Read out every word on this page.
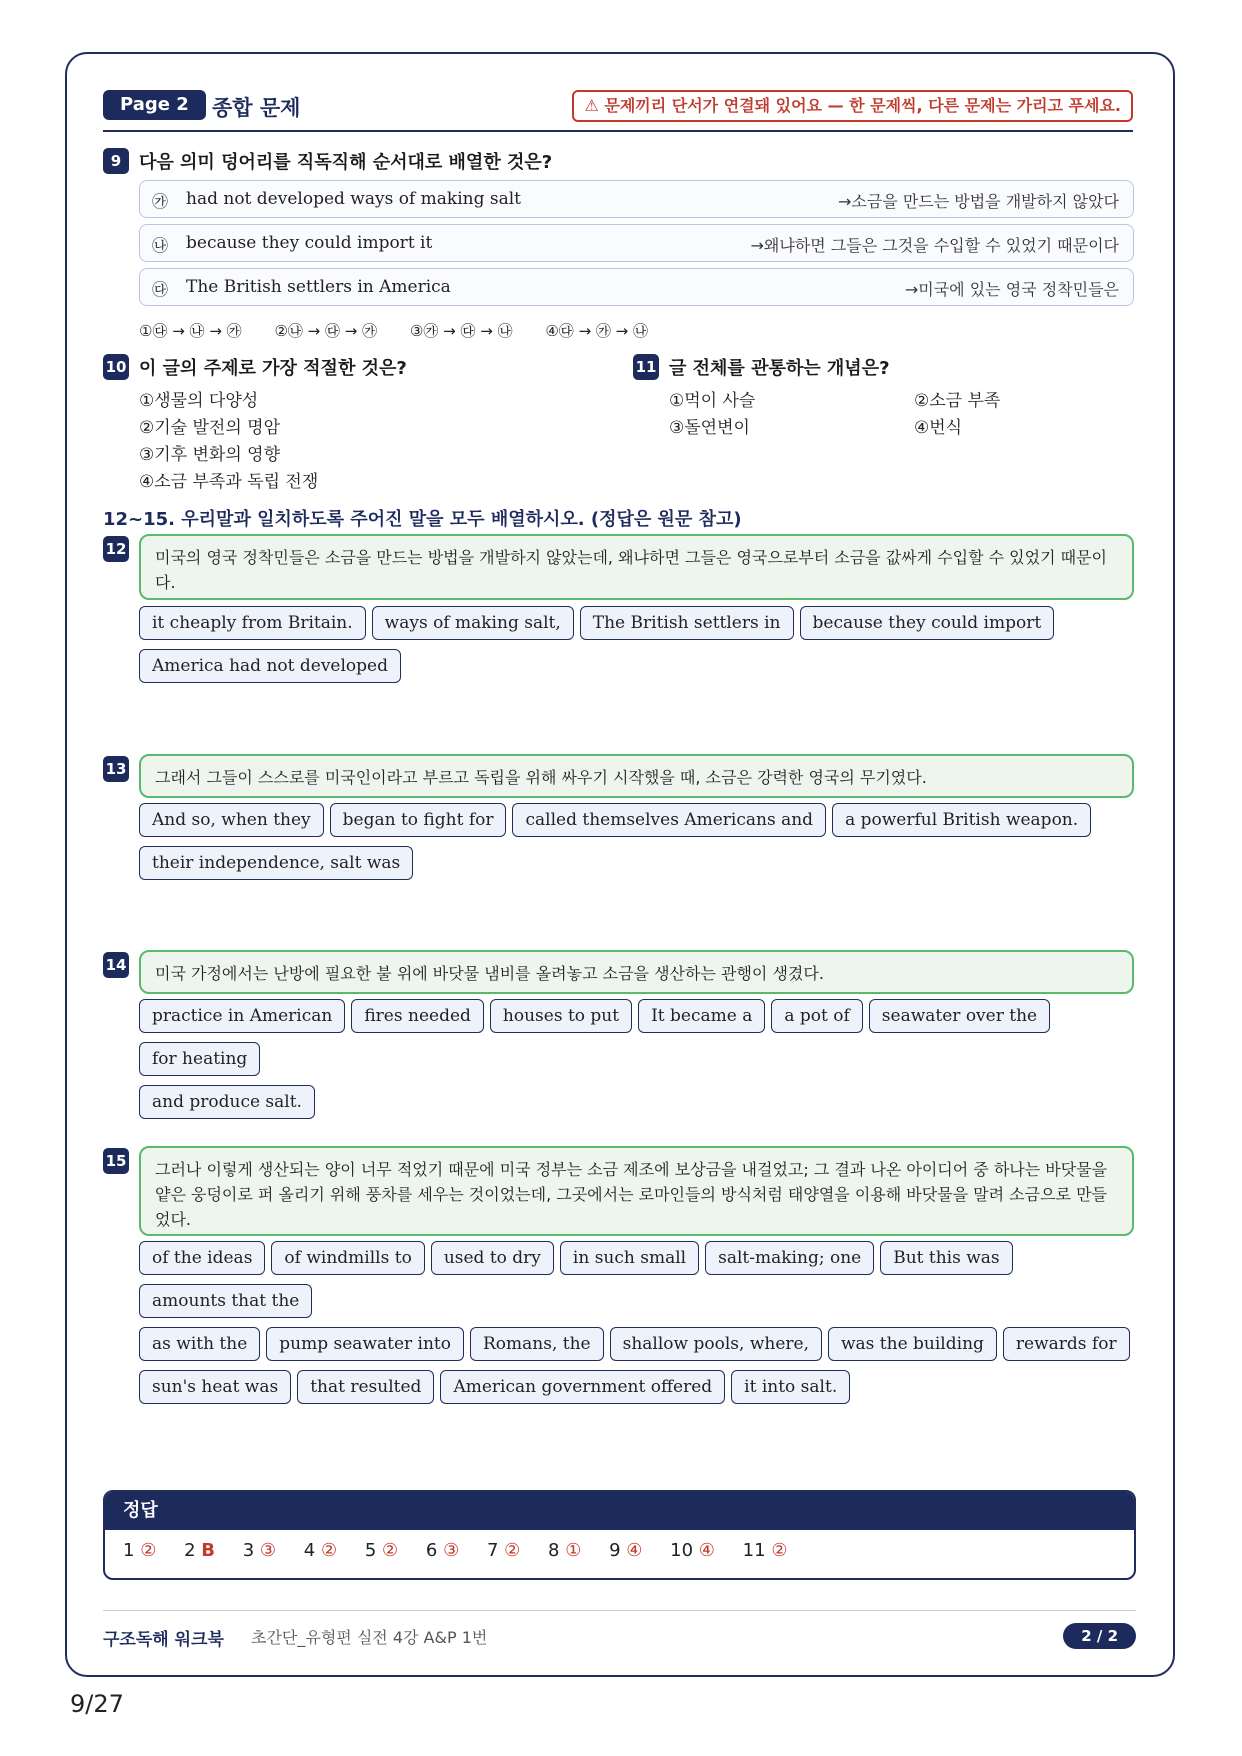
Page 2	종합 문제	⚠ 문제끼리 단서가 연결돼 있어요 — 한 문제씩, 다른 문제는 가리고 푸세요.
9 다음 의미 덩어리를 직독직해 순서대로 배열한 것은?
㉮ had not developed ways of making salt	→소금을 만드는 방법을 개발하지 않았다
㉯ because they could import it	→왜냐하면 그들은 그것을 수입할 수 있었기 때문이다
㉰ The British settlers in America	→미국에 있는 영국 정착민들은
①㉰ → ㉯ → ㉮ ②㉯ → ㉰ → ㉮ ③㉮ → ㉰ → ㉯ ④㉰ → ㉮ → ㉯
10 이 글의 주제로 가장 적절한 것은?
①생물의 다양성
②기술 발전의 명암
③기후 변화의 영향
④소금 부족과 독립 전쟁
11 글 전체를 관통하는 개념은?
①먹이 사슬	②소금 부족
③돌연변이	④번식
12~15. 우리말과 일치하도록 주어진 말을 모두 배열하시오. (정답은 원문 참고)
12	미국의 영국 정착민들은 소금을 만드는 방법을 개발하지 않았는데, 왜냐하면 그들은 영국으로부터 소금을 값싸게 수입할 수 있었기 때문이다.
it cheaply from Britain. ways of making salt, The British settlers in because they could import
America had not developed
13	그래서 그들이 스스로를 미국인이라고 부르고 독립을 위해 싸우기 시작했을 때, 소금은 강력한 영국의 무기였다.
And so, when they began to fight for called themselves Americans and a powerful British weapon.
their independence, salt was
14	미국 가정에서는 난방에 필요한 불 위에 바닷물 냄비를 올려놓고 소금을 생산하는 관행이 생겼다.
practice in American fires needed houses to put It became a a pot of seawater over thefor heating
and produce salt.
15	그러나 이렇게 생산되는 양이 너무 적었기 때문에 미국 정부는 소금 제조에 보상금을 내걸었고; 그 결과 나온 아이디어 중 하나는 바닷물을 얕은 웅덩이로 퍼 올리기 위해 풍차를 세우는 것이었는데, 그곳에서는 로마인들의 방식처럼 태양열을 이용해 바닷물을 말려 소금으로 만들었다.
of the ideas of windmills to used to dry in such small salt-making; one But this wasamounts that the
as with the pump seawater into Romans, the shallow pools, where, was the building rewards for
sun's heat was that resulted American government offered it into salt.
정답
1 ② 2 B 3 ③ 4 ② 5 ② 6 ③ 7 ② 8 ① 9 ④ 10 ④ 11 ②
구조독해 워크북 초간단_유형편 실전 4강 A&P 1번	2 / 2
9/27
